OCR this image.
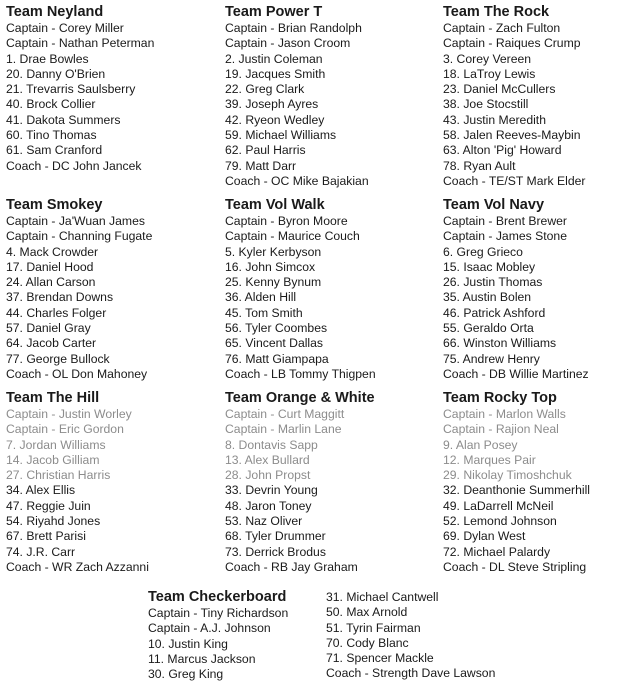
Team Neyland
Captain - Corey Miller
Captain - Nathan Peterman
1. Drae Bowles
20. Danny O'Brien
21. Trevarris Saulsberry
40. Brock Collier
41. Dakota Summers
60. Tino Thomas
61. Sam Cranford
Coach - DC John Jancek
Team Power T
Captain - Brian Randolph
Captain - Jason Croom
2. Justin Coleman
19. Jacques Smith
22. Greg Clark
39. Joseph Ayres
42. Ryeon Wedley
59. Michael Williams
62. Paul Harris
79. Matt Darr
Coach - OC Mike Bajakian
Team The Rock
Captain - Zach Fulton
Captain - Raiques Crump
3. Corey Vereen
18. LaTroy Lewis
23. Daniel McCullers
38. Joe Stocstill
43. Justin Meredith
58. Jalen Reeves-Maybin
63. Alton 'Pig' Howard
78. Ryan Ault
Coach - TE/ST Mark Elder
Team Smokey
Captain - Ja'Wuan James
Captain - Channing Fugate
4. Mack Crowder
17. Daniel Hood
24. Allan Carson
37. Brendan Downs
44. Charles Folger
57. Daniel Gray
64. Jacob Carter
77. George Bullock
Coach - OL Don Mahoney
Team Vol Walk
Captain - Byron Moore
Captain - Maurice Couch
5. Kyler Kerbyson
16. John Simcox
25. Kenny Bynum
36. Alden Hill
45. Tom Smith
56. Tyler Coombes
65. Vincent Dallas
76. Matt Giampapa
Coach - LB Tommy Thigpen
Team Vol Navy
Captain - Brent Brewer
Captain - James Stone
6. Greg Grieco
15. Isaac Mobley
26. Justin Thomas
35. Austin Bolen
46. Patrick Ashford
55. Geraldo Orta
66. Winston Williams
75. Andrew Henry
Coach - DB Willie Martinez
Team The Hill
Captain - Justin Worley
Captain - Eric Gordon
7. Jordan Williams
14. Jacob Gilliam
27. Christian Harris
34. Alex Ellis
47. Reggie Juin
54. Riyahd Jones
67. Brett Parisi
74. J.R. Carr
Coach - WR Zach Azzanni
Team Orange & White
Captain - Curt Maggitt
Captain - Marlin Lane
8. Dontavis Sapp
13. Alex Bullard
28. John Propst
33. Devrin Young
48. Jaron Toney
53. Naz Oliver
68. Tyler Drummer
73. Derrick Brodus
Coach - RB Jay Graham
Team Rocky Top
Captain - Marlon Walls
Captain - Rajion Neal
9. Alan Posey
12. Marques Pair
29. Nikolay Timoshchuk
32. Deanthonie Summerhill
49. LaDarrell McNeil
52. Lemond Johnson
69. Dylan West
72. Michael Palardy
Coach - DL Steve Stripling
Team Checkerboard
Captain - Tiny Richardson
Captain - A.J. Johnson
10. Justin King
11. Marcus Jackson
30. Greg King
31. Michael Cantwell
50. Max Arnold
51. Tyrin Fairman
70. Cody Blanc
71. Spencer Mackle
Coach - Strength Dave Lawson
